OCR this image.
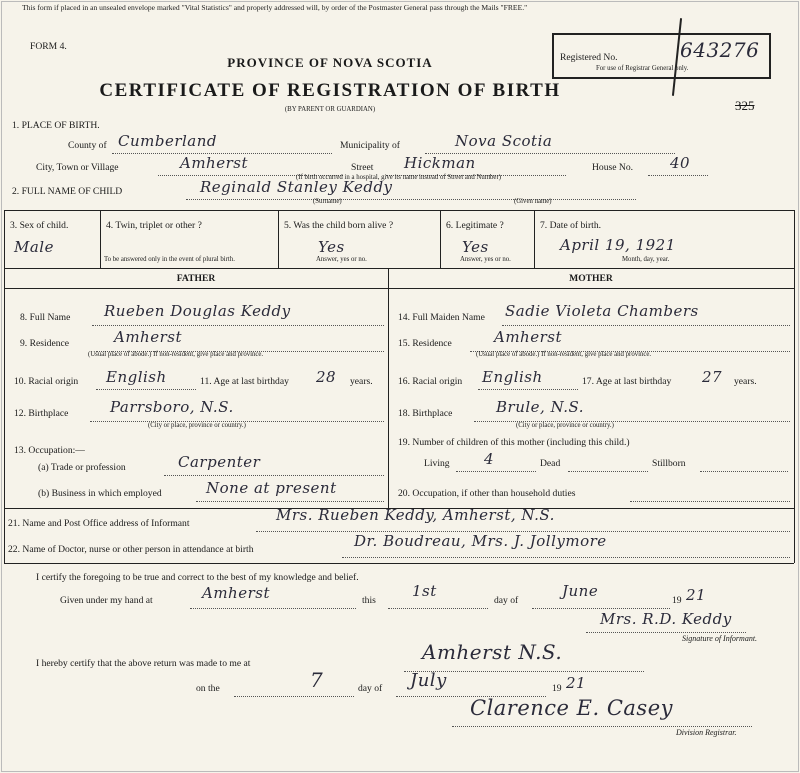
This form if placed in an unsealed envelope marked "Vital Statistics" and properly addressed will, by order of the Postmaster General pass through the Mails "FREE."
FORM 4.
PROVINCE OF NOVA SCOTIA
CERTIFICATE OF REGISTRATION OF BIRTH
(BY PARENT OR GUARDIAN)
Registered No.	643276
For use of Registrar General only.
325
1. PLACE OF BIRTH.
County of Cumberland	Municipality of	Nova Scotia
City, Town or Village	Amherst	Street Hickman	House No. 40
(If birth occurred in a hospital, give its name instead of Street and Number)
2. FULL NAME OF CHILD	Reginald Stanley Keddy
(Surname)	(Given name)
3. Sex of child.
Male
4. Twin, triplet or other ?
To be answered only in the event of plural birth.
5. Was the child born alive ?
Yes
Answer, yes or no.
6. Legitimate ?
Yes
Answer, yes or no.
7. Date of birth.
April 19, 1921
Month, day, year.
FATHER	MOTHER
8. Full Name Rueben Douglas Keddy
9. Residence	Amherst
(Usual place of abode.) If non-resident, give place and province.
10. Racial origin English	11. Age at last birthday 28 years.
12. Birthplace	Parrsboro, N.S.
(City or place, province or country.)
13. Occupation:—
(a) Trade or profession	Carpenter
(b) Business in which employed	None at present
14. Full Maiden Name Sadie Violeta Chambers
15. Residence	Amherst
(Usual place of abode.) If non-resident, give place and province.
16. Racial origin English	17. Age at last birthday 27 years.
18. Birthplace	Brule, N.S.
(City or place, province or country.)
19. Number of children of this mother (including this child.)
Living 4	Dead	Stillborn
20. Occupation, if other than household duties
21. Name and Post Office address of Informant	Mrs. Rueben Keddy, Amherst, N.S.
22. Name of Doctor, nurse or other person in attendance at birth	Dr. Boudreau, Mrs. J. Jollymore
I certify the foregoing to be true and correct to the best of my knowledge and belief.
Given under my hand at	Amherst	this
1st
day of
June
19 21
Mrs. R.D. Keddy
Signature of Informant.
I hereby certify that the above return was made to me at	Amherst N.S.
on the	7	day of July	19 21
Clarence E. Casey
Division Registrar.
